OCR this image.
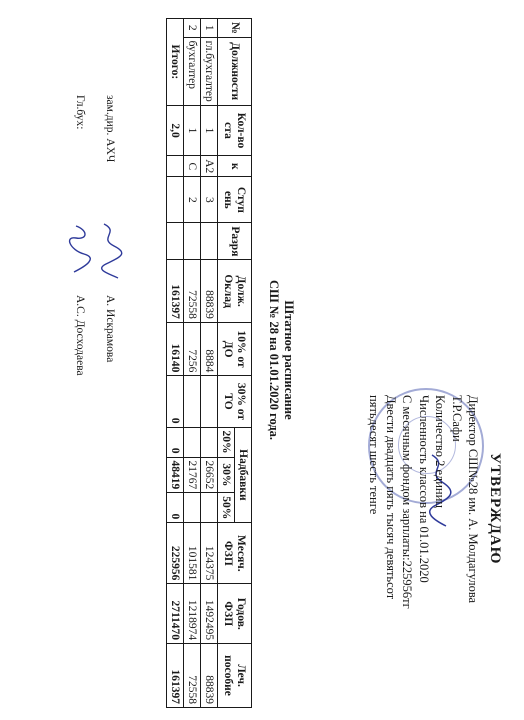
УТВЕРЖДАЮ
Директор СШ№28 им. А. Молдагулова
Т.Р.Сафи
Количество 2 единиц
Численность классов на 01.01.2020
С месячным фондом зарплаты:225956тг
Двести двадцать пять тысяч девятьсот
пятьдесят шесть тенге
Штатное расписание
СШ № 28 на 01.01.2020 года.
№	Должности	Кол-во ста	к	Ступ ень	Разря	Долж. Оклад	10% от ДО	30% от ТО	Надбавки			Месяч. ФЗП	Годов. ФЗП	Леч. пособие
									20%	30%	50%			
1	гл.бухгалтер	1	А2	3		88839	8884			26652		124375	1492495	88839
2	бухгалтер	1	С	2		72558	7256			21767		101581	1218974	72558
Итого:		2,0				161397	16140	0	0	48419	0	225956	2711470	161397
зам.дир. АХЧ
А. Искрамова
Гл.бух:
А.С. Досходаева
